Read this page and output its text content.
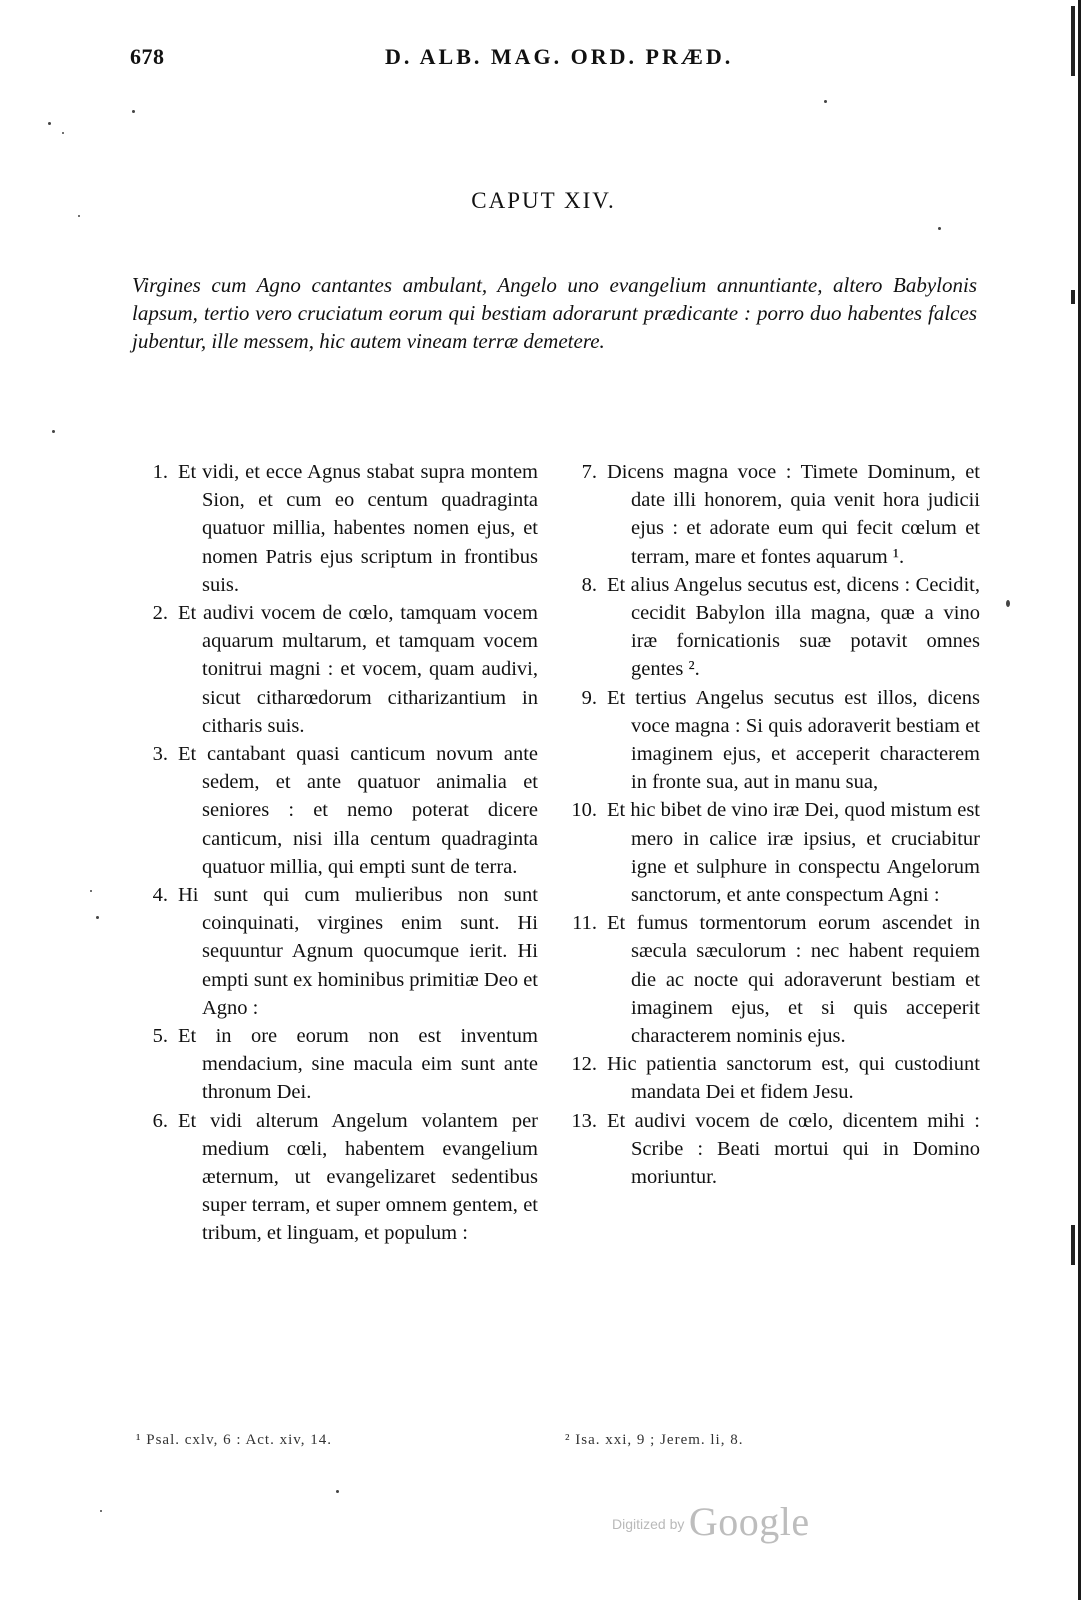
678	D. ALB. MAG. ORD. PRÆD.
CAPUT XIV.

Virgines cum Agno cantantes ambulant, Angelo uno evangelium annuntiante, altero Babylonis lapsum, tertio vero cruciatum eorum qui bestiam adorarunt prædicante : porro duo habentes falces jubentur, ille messem, hic autem vineam terræ demetere.

1. Et vidi, et ecce Agnus stabat supra montem Sion, et cum eo centum quadraginta quatuor millia, habentes nomen ejus, et nomen Patris ejus scriptum in frontibus suis.
2. Et audivi vocem de cœlo, tamquam vocem aquarum multarum, et tamquam vocem tonitrui magni : et vocem, quam audivi, sicut citharœdorum citharizantium in citharis suis.
3. Et cantabant quasi canticum novum ante sedem, et ante quatuor animalia et seniores : et nemo poterat dicere canticum, nisi illa centum quadraginta quatuor millia, qui empti sunt de terra.
4. Hi sunt qui cum mulieribus non sunt coinquinati, virgines enim sunt. Hi sequuntur Agnum quocumque ierit. Hi empti sunt ex hominibus primitiæ Deo et Agno :
5. Et in ore eorum non est inventum mendacium, sine macula eim sunt ante thronum Dei.
6. Et vidi alterum Angelum volantem per medium cœli, habentem evangelium æternum, ut evangelizaret sedentibus super terram, et super omnem gentem, et tribum, et linguam, et populum :
7. Dicens magna voce : Timete Dominum, et date illi honorem, quia venit hora judicii ejus : et adorate eum qui fecit cœlum et terram, mare et fontes aquarum ¹.
8. Et alius Angelus secutus est, dicens : Cecidit, cecidit Babylon illa magna, quæ a vino iræ fornicationis suæ potavit omnes gentes ².
9. Et tertius Angelus secutus est illos, dicens voce magna : Si quis adoraverit bestiam et imaginem ejus, et acceperit characterem in fronte sua, aut in manu sua,
10. Et hic bibet de vino iræ Dei, quod mistum est mero in calice iræ ipsius, et cruciabitur igne et sulphure in conspectu Angelorum sanctorum, et ante conspectum Agni :
11. Et fumus tormentorum eorum ascendet in sæcula sæculorum : nec habent requiem die ac nocte qui adoraverunt bestiam et imaginem ejus, et si quis acceperit characterem nominis ejus.
12. Hic patientia sanctorum est, qui custodiunt mandata Dei et fidem Jesu.
13. Et audivi vocem de cœlo, dicentem mihi : Scribe : Beati mortui qui in Domino moriuntur.
¹ Psal. cxlv, 6 : Act. xiv, 14.	² Isa. xxi, 9 ; Jerem. li, 8.
Digitized by Google
